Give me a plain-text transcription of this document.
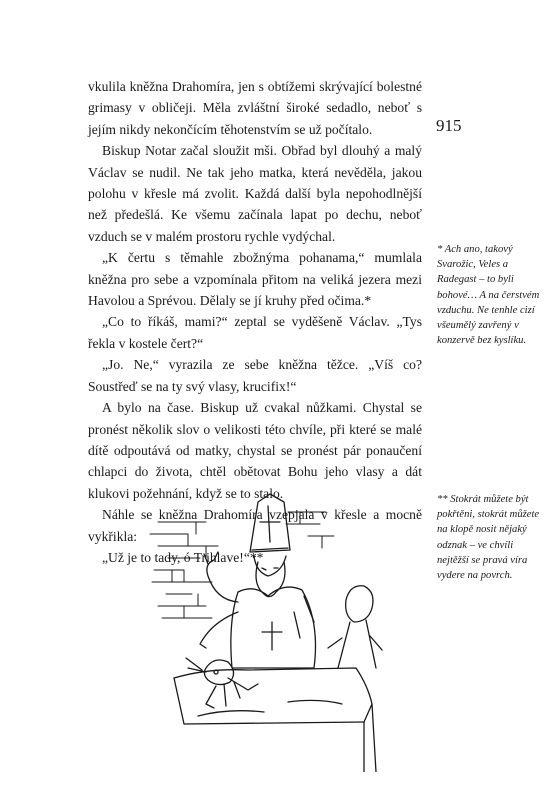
915

vkulila kněžna Drahomíra, jen s obtížemi skrývající bolestné grimasy v obličeji. Měla zvláštní široké sedadlo, neboť s jejím nikdy nekončícím těhotenstvím se už počítalo.

Biskup Notar začal sloužit mši. Obřad byl dlouhý a malý Václav se nudil. Ne tak jeho matka, která nevěděla, jakou polohu v křesle má zvolit. Každá další byla nepohodlnější než předešlá. Ke všemu začínala lapat po dechu, neboť vzduch se v malém prostoru rychle vydýchal.

„K čertu s těmahle zbožnýma pohanama,“ mumlala kněžna pro sebe a vzpomínala přitom na veliká jezera mezi Havolou a Sprévou. Dělaly se jí kruhy před očima.*

„Co to říkáš, mami?“ zeptal se vyděšeně Václav. „Tys řekla v kostele čert?“

„Jo. Ne,“ vyrazila ze sebe kněžna těžce. „Víš co? Soustřeď se na ty svý vlasy, krucifix!“

A bylo na čase. Biskup už cvakal nůžkami. Chystal se pronést několik slov o velikosti této chvíle, při které se malé dítě odpoutává od matky, chystal se pronést pár ponaučení chlapci do života, chtěl obětovat Bohu jeho vlasy a dát klukovi požehnání, když se to stalo.

Náhle se kněžna Drahomíra vzepjala v křesle a mocně vykřikla:

„Už je to tady, ó Trihlave!“**

* Ach ano, takový Svarožic, Veles a Radegast – to byli bohové… A na čerstvém vzduchu. Ne tenhle cizí všeumělý zavřený v konzervě bez kyslíku.
** Stokrát můžete být pokřtěni, stokrát můžete na klopě nosit nějaký odznak – ve chvíli nejtěžší se pravá víra vydere na povrch.
